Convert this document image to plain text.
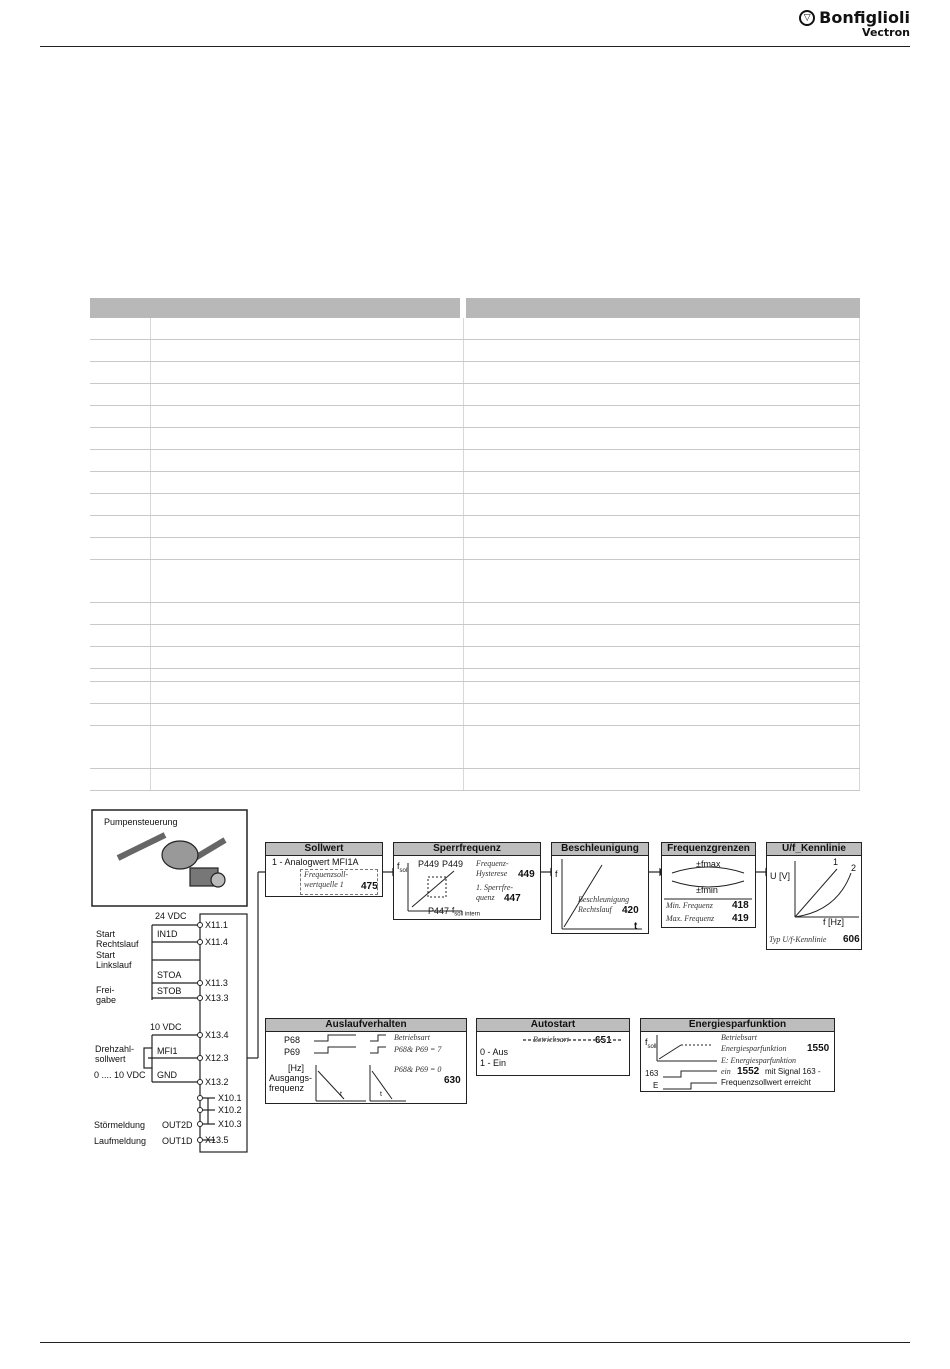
▽ Bonfiglioli
Vectron
Pumpensteuerung
24 VDC
Start
Rechtslauf
Start
Linkslauf
IN1D
STOA
STOB
Frei-
gabe
10 VDC
Drehzahl-
sollwert
MFI1
0 .... 10 VDC GND
Störmeldung
Laufmeldung
OUT2D
OUT1D
X11.1
X11.4
X11.3
X13.3
X13.4
X12.3
X13.2
X10.1
X10.2
X10.3
X13.5
Sollwert
1 - Analogwert MFI1A
Frequenzsoll-
wertquelle 1	475
Sperrfrequenz
$f_{soll}$
P449 P449 Frequenz-
Hysterese 449
1. Sperrfre-
quenz 447
P447 $f_{soll intern}$
Beschleunigung
f
t
Beschleunigung
Rechtslauf	420
Frequenzgrenzen
±fmax
±fmin
Min. Frequenz 418
Max. Frequenz 419
U/f_Kennlinie
U [V]
1
2
f [Hz]
Typ U/f-Kennlinie 606
Auslaufverhalten
P68
P69
[Hz]
Ausgangs-
frequenz
Betriebsart
P68& P69 = 7
P68& P69 = 0
630
t	t
Autostart
Betriebsart	651
0 - Aus
1 - Ein
Energiesparfunktion
$f_{soll}$
Betriebsart
Energiesparfunktion 1550
E: Energiesparfunktion
ein 1552 mit Signal 163 -
Frequenzsollwert erreicht
163
E
